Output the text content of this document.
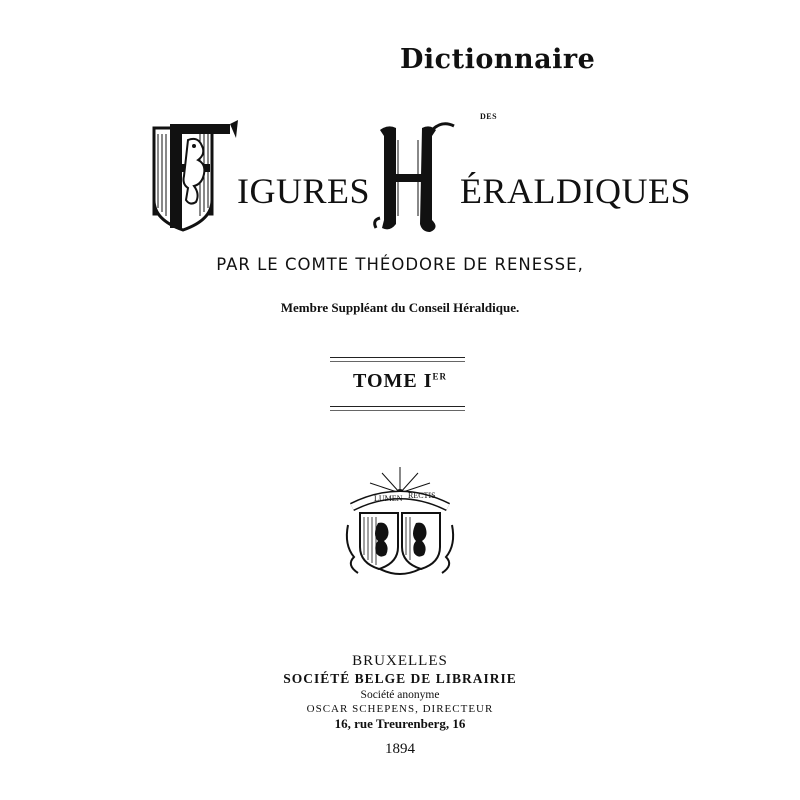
Dictionnaire
DES
IGURES ÉRALDIQUES
PAR LE COMTE THÉODORE DE RENESSE,
Membre Suppléant du Conseil Héraldique.
TOME IER
LUMEN RECTIS
BRUXELLES
SOCIÉTÉ BELGE DE LIBRAIRIE
Société anonyme
OSCAR SCHEPENS, DIRECTEUR
16, rue Treurenberg, 16
1894
